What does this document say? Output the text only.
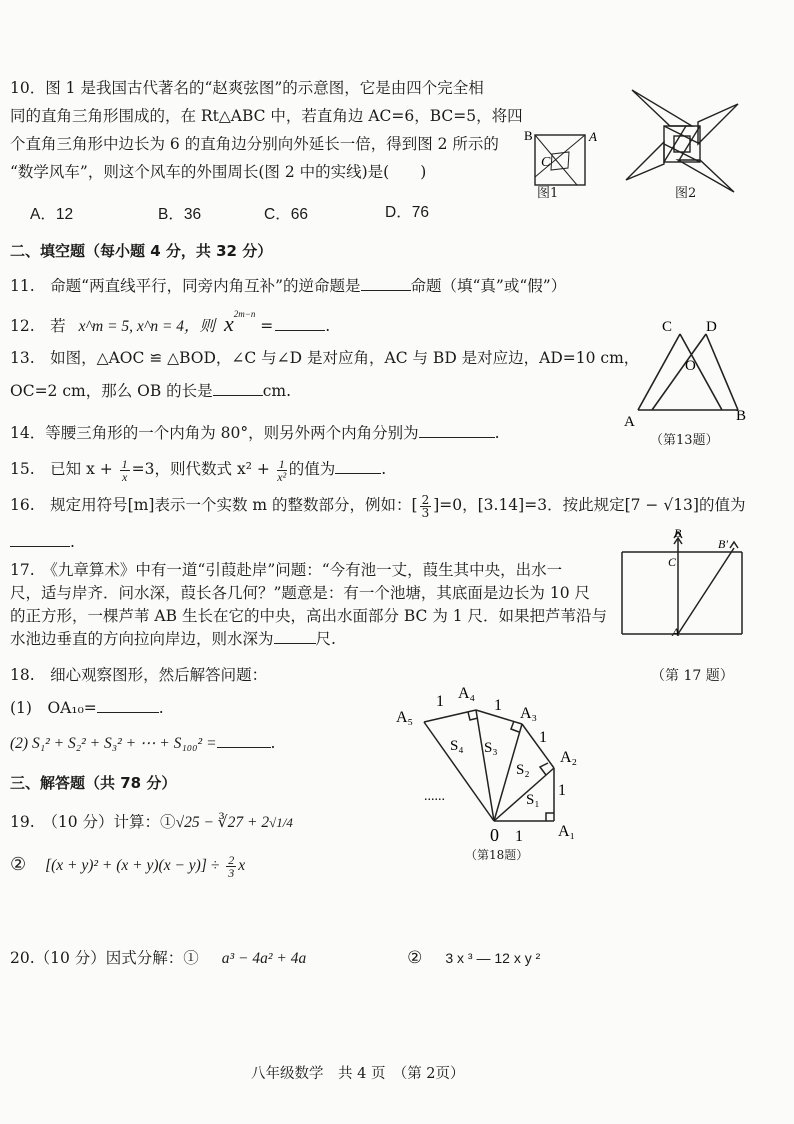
10．图 1 是我国古代著名的“赵爽弦图”的示意图，它是由四个完全相
同的直角三角形围成的，在 Rt△ABC 中，若直角边 AC=6，BC=5，将四
个直角三角形中边长为 6 的直角边分别向外延长一倍，得到图 2 所示的
“数学风车”，则这个风车的外围周长(图 2 中的实线)是(　　)
A．12	B．36	C．66	D．76
B	A
C
图1	图2
二、填空题（每小题 4 分，共 32 分）
11.　命题“两直线平行，同旁内角互补”的逆命题是	命题（填“真”或“假”）
12.　若 x^m = 5, x^n = 4，则 $x^{2m-n}$ =	.
13.　如图，△AOC ≌ △BOD，∠C 与∠D 是对应角，AC 与 BD 是对应边，AD=10 cm，
OC=2 cm，那么 OB 的长是	cm.
C D
O
A	B
（第13题）
14．等腰三角形的一个内角为 80°，则另外两个内角分别为	.
15.　已知 $x + \frac{1}{x} =3$，则代数式 $x^2 + \frac{1}{\text{x²}}$ 的值为	.
16.　规定用符号[m]表示一个实数 m 的整数部分，例如：[ $\frac{2}{3} ]=0$，[3.14]=3．按此规定[7 − √13]的值为
.
17.　《九章算术》中有一道“引葭赴岸”问题：“今有池一丈，葭生其中央，出水一
尺，适与岸齐．问水深，葭长各几何？”题意是：有一个池塘，其底面是边长为 10 尺
的正方形，一棵芦苇 AB 生长在它的中央，高出水面部分 BC 为 1 尺．如果把芦苇沿与
水池边垂直的方向拉向岸边，则水深为	尺.
B
B'
C
A
（第 17 题）
18.　细心观察图形，然后解答问题：
(1)　OA₁₀=	.
(2) S₁² + S₂² + S₃² + ⋯ + S₁₀₀² =	.
0 1 A₁
1
A₂
1
A₃
1
A₄
1
A₅
S₁
S₂
S₃
S₄
......
（第18题）
三、解答题（共 78 分）
19.　（10 分）计算：①√25 − ∛27 + 2√1/4
② $[(x + y)^2 + (x + y)(x - y)] \div \frac{2}{3}$ x
20.（10 分）因式分解：① a³ − 4a² + 4a	② 3 x ³ — 12 x y ²
八年级数学　共 4 页　（第 2页）
